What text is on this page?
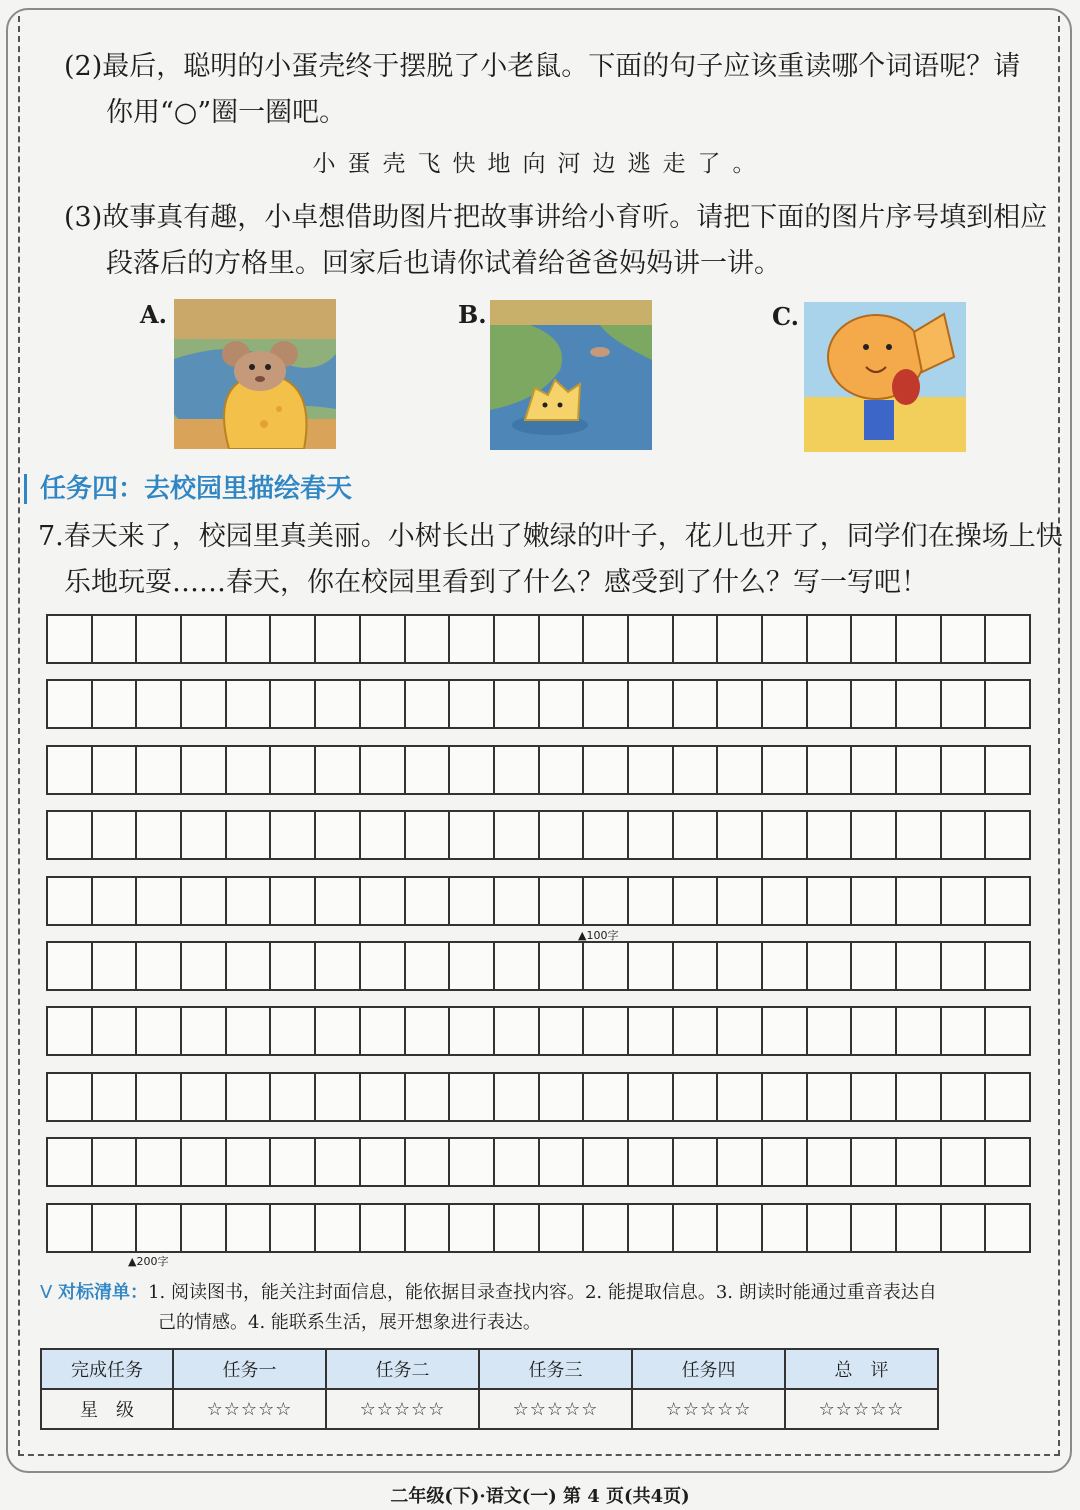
(2)最后，聪明的小蛋壳终于摆脱了小老鼠。下面的句子应该重读哪个词语呢？请
你用“○”圈一圈吧。
小蛋壳飞快地向河边逃走了。
(3)故事真有趣，小卓想借助图片把故事讲给小育听。请把下面的图片序号填到相应
段落后的方格里。回家后也请你试着给爸爸妈妈讲一讲。
A.	B.	C.
任务四：去校园里描绘春天
7.春天来了，校园里真美丽。小树长出了嫩绿的叶子，花儿也开了，同学们在操场上快
乐地玩耍……春天，你在校园里看到了什么？感受到了什么？写一写吧！
▲100字
▲200字
ⴸ 对标清单：1. 阅读图书，能关注封面信息，能依据目录查找内容。2. 能提取信息。3. 朗读时能通过重音表达自
己的情感。4. 能联系生活，展开想象进行表达。
完成任务	任务一	任务二	任务三	任务四	总　评
星　级	☆☆☆☆☆	☆☆☆☆☆	☆☆☆☆☆	☆☆☆☆☆	☆☆☆☆☆
二年级(下)·语文(一) 第 4 页(共4页)
